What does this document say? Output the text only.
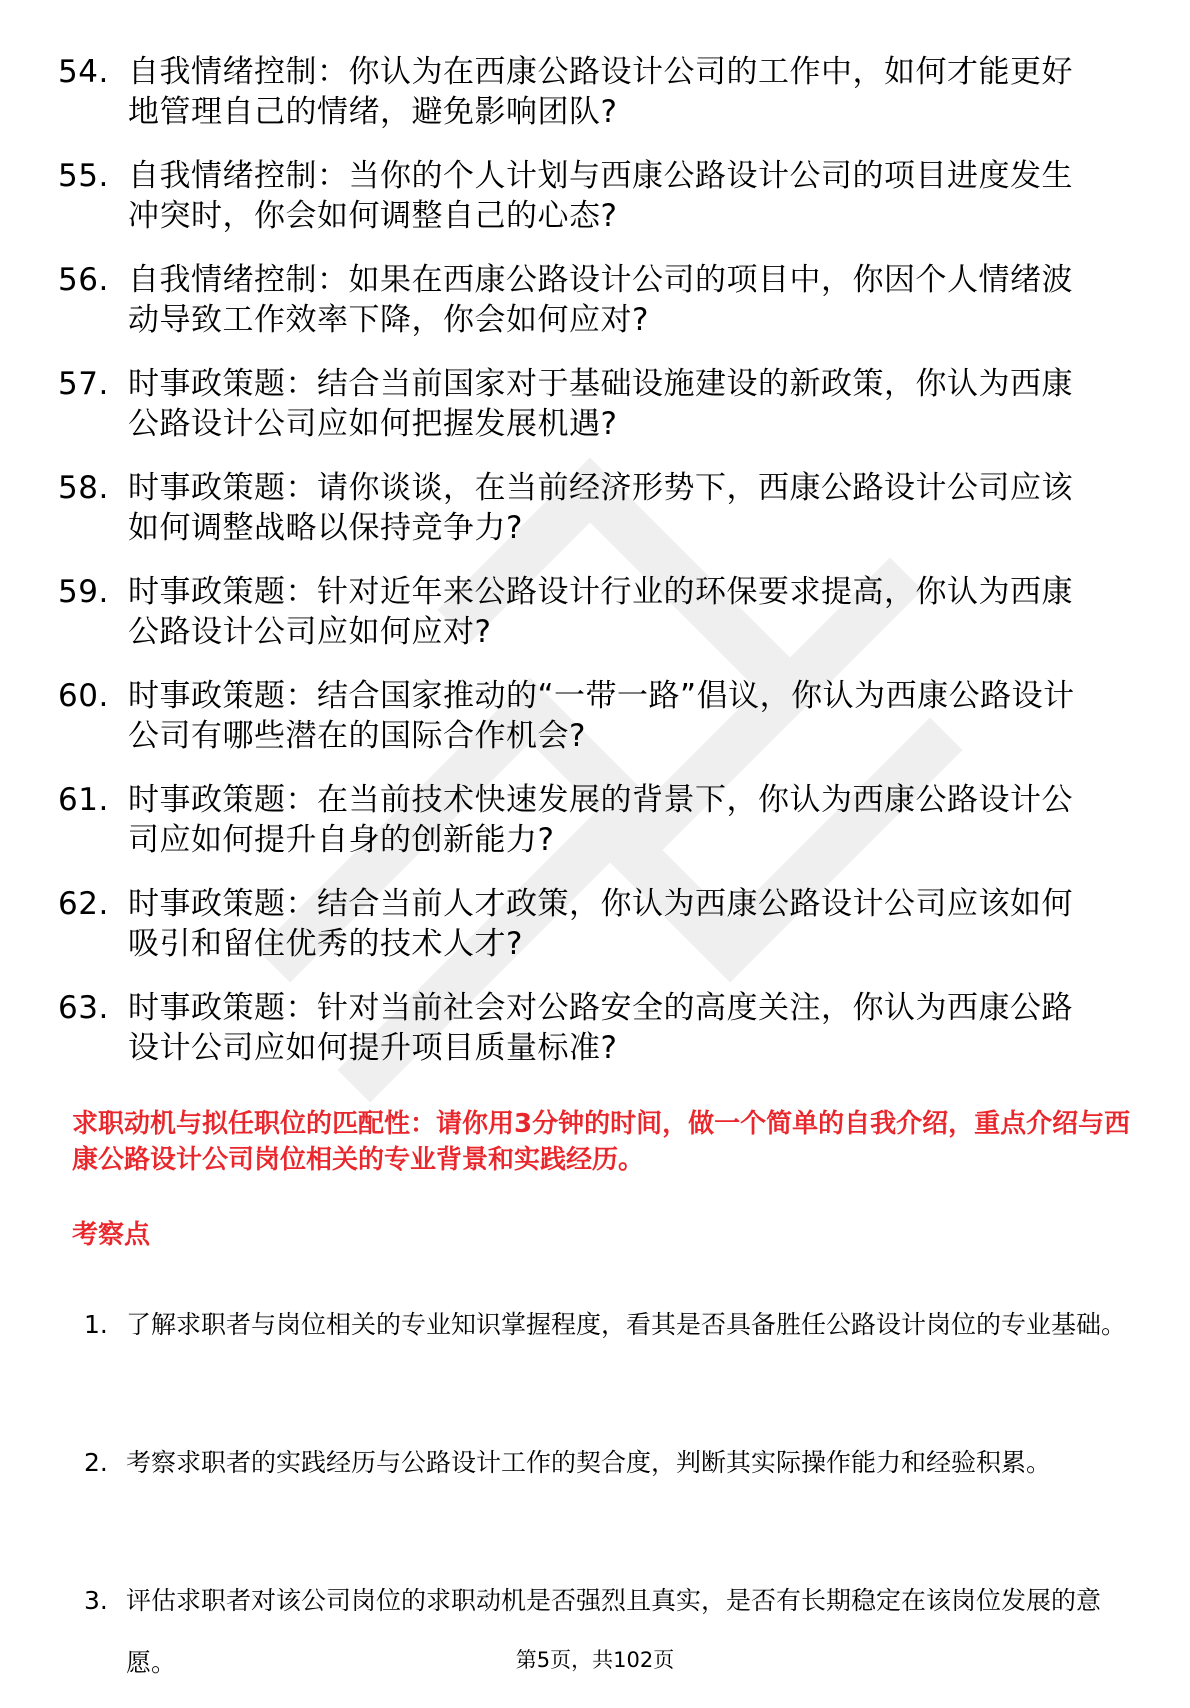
54. 自我情绪控制：你认为在西康公路设计公司的工作中，如何才能更好地管理自己的情绪，避免影响团队?
55. 自我情绪控制：当你的个人计划与西康公路设计公司的项目进度发生冲突时，你会如何调整自己的心态?
56. 自我情绪控制：如果在西康公路设计公司的项目中，你因个人情绪波动导致工作效率下降，你会如何应对?
57. 时事政策题：结合当前国家对于基础设施建设的新政策，你认为西康公路设计公司应如何把握发展机遇?
58. 时事政策题：请你谈谈，在当前经济形势下，西康公路设计公司应该如何调整战略以保持竞争力?
59. 时事政策题：针对近年来公路设计行业的环保要求提高，你认为西康公路设计公司应如何应对?
60. 时事政策题：结合国家推动的“一带一路”倡议，你认为西康公路设计公司有哪些潜在的国际合作机会?
61. 时事政策题：在当前技术快速发展的背景下，你认为西康公路设计公司应如何提升自身的创新能力?
62. 时事政策题：结合当前人才政策，你认为西康公路设计公司应该如何吸引和留住优秀的技术人才?
63. 时事政策题：针对当前社会对公路安全的高度关注，你认为西康公路设计公司应如何提升项目质量标准?

求职动机与拟任职位的匹配性：请你用3分钟的时间，做一个简单的自我介绍，重点介绍与西康公路设计公司岗位相关的专业背景和实践经历。

考察点
1. 了解求职者与岗位相关的专业知识掌握程度，看其是否具备胜任公路设计岗位的专业基础。
2. 考察求职者的实践经历与公路设计工作的契合度，判断其实际操作能力和经验积累。
3. 评估求职者对该公司岗位的求职动机是否强烈且真实，是否有长期稳定在该岗位发展的意愿。	第5页，共102页
